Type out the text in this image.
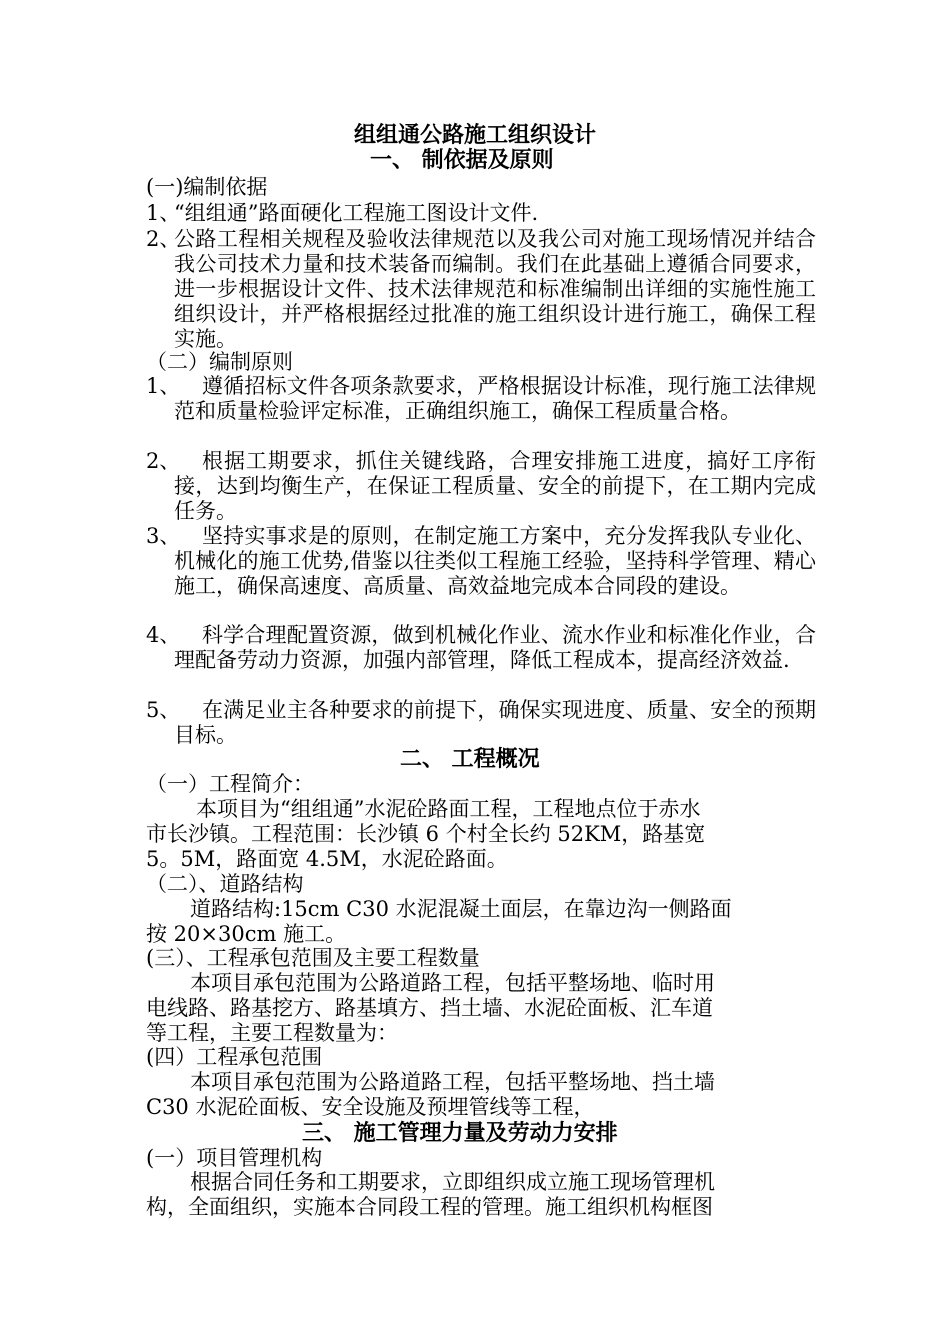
组组通公路施工组织设计
一、 制依据及原则
(一)编制依据
1、
“组组通”路面硬化工程施工图设计文件.
2、
公路工程相关规程及验收法律规范以及我公司对施工现场情况并结合我公司技术力量和技术装备而编制。我们在此基础上遵循合同要求，进一步根据设计文件、技术法律规范和标准编制出详细的实施性施工组织设计，并严格根据经过批准的施工组织设计进行施工，确保工程实施。
（二）编制原则
1、	遵循招标文件各项条款要求，严格根据设计标准，现行施工法律规范和质量检验评定标准，正确组织施工，确保工程质量合格。
2、	根据工期要求，抓住关键线路，合理安排施工进度，搞好工序衔接，达到均衡生产，在保证工程质量、安全的前提下，在工期内完成任务。
3、	坚持实事求是的原则，在制定施工方案中，充分发挥我队专业化、机械化的施工优势,借鉴以往类似工程施工经验，坚持科学管理、精心施工，确保高速度、高质量、高效益地完成本合同段的建设。
4、	科学合理配置资源，做到机械化作业、流水作业和标准化作业，合理配备劳动力资源，加强内部管理，降低工程成本，提高经济效益.
5、	在满足业主各种要求的前提下，确保实现进度、质量、安全的预期目标。
二、 工程概况
（一）工程简介：
本项目为“组组通”水泥砼路面工程，工程地点位于赤水
市长沙镇。工程范围：长沙镇 6 个村全长约 52KM，路基宽
5。5M，路面宽 4.5M，水泥砼路面。
（二）、道路结构
道路结构:15cm C30 水泥混凝土面层，在靠边沟一侧路面
按 20×30cm 施工。
(三）、工程承包范围及主要工程数量
本项目承包范围为公路道路工程，包括平整场地、临时用
电线路、路基挖方、路基填方、挡土墙、水泥砼面板、汇车道
等工程，主要工程数量为：
(四）工程承包范围
本项目承包范围为公路道路工程，包括平整场地、挡土墙
C30 水泥砼面板、安全设施及预埋管线等工程，
三、 施工管理力量及劳动力安排
(一）项目管理机构
根据合同任务和工期要求，立即组织成立施工现场管理机
构，全面组织，实施本合同段工程的管理。施工组织机构框图
